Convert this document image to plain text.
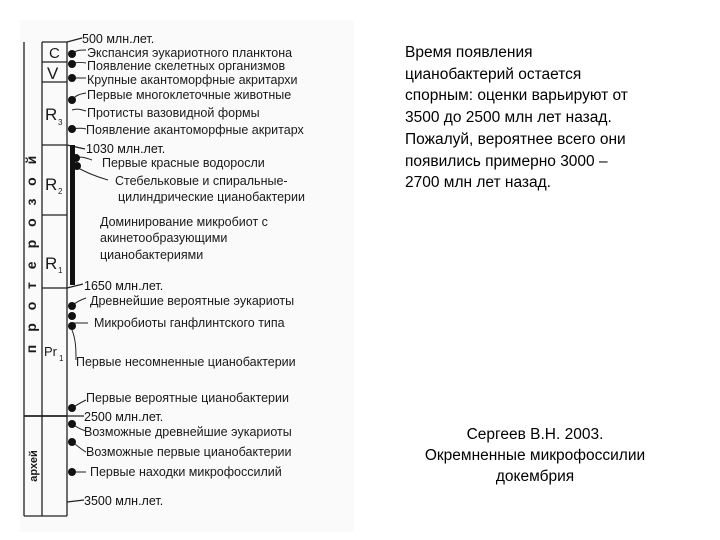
протерозой
архей
C
V
R 3
R 2
R 1
Pr 1
500 млн.лет.
1030 млн.лет.
1650 млн.лет.
2500 млн.лет.
3500 млн.лет.
Экспансия эукариотного планктона
Появление скелетных организмов
Крупные акантоморфные акритархи
Первые многоклеточные животные
Протисты вазовидной формы
Появление акантоморфные акритарх
Первые красные водоросли
Стебельковые и спиральные-
цилиндрические цианобактерии
Доминирование микробиот с
акинетообразующими
цианобактериями
Древнейшие вероятные эукариоты
Микробиоты ганфлинтского типа
Первые несомненные цианобактерии
Первые вероятные цианобактерии
Возможные древнейшие эукариоты
Возможные первые цианобактерии
Первые находки микрофоссилий
Время появления
цианобактерий остается
спорным: оценки варьируют от
3500 до 2500 млн лет назад.
Пожалуй, вероятнее всего они
появились примерно 3000 –
2700 млн лет назад.
Сергеев В.Н. 2003.
Окремненные микрофоссилии
докембрия
